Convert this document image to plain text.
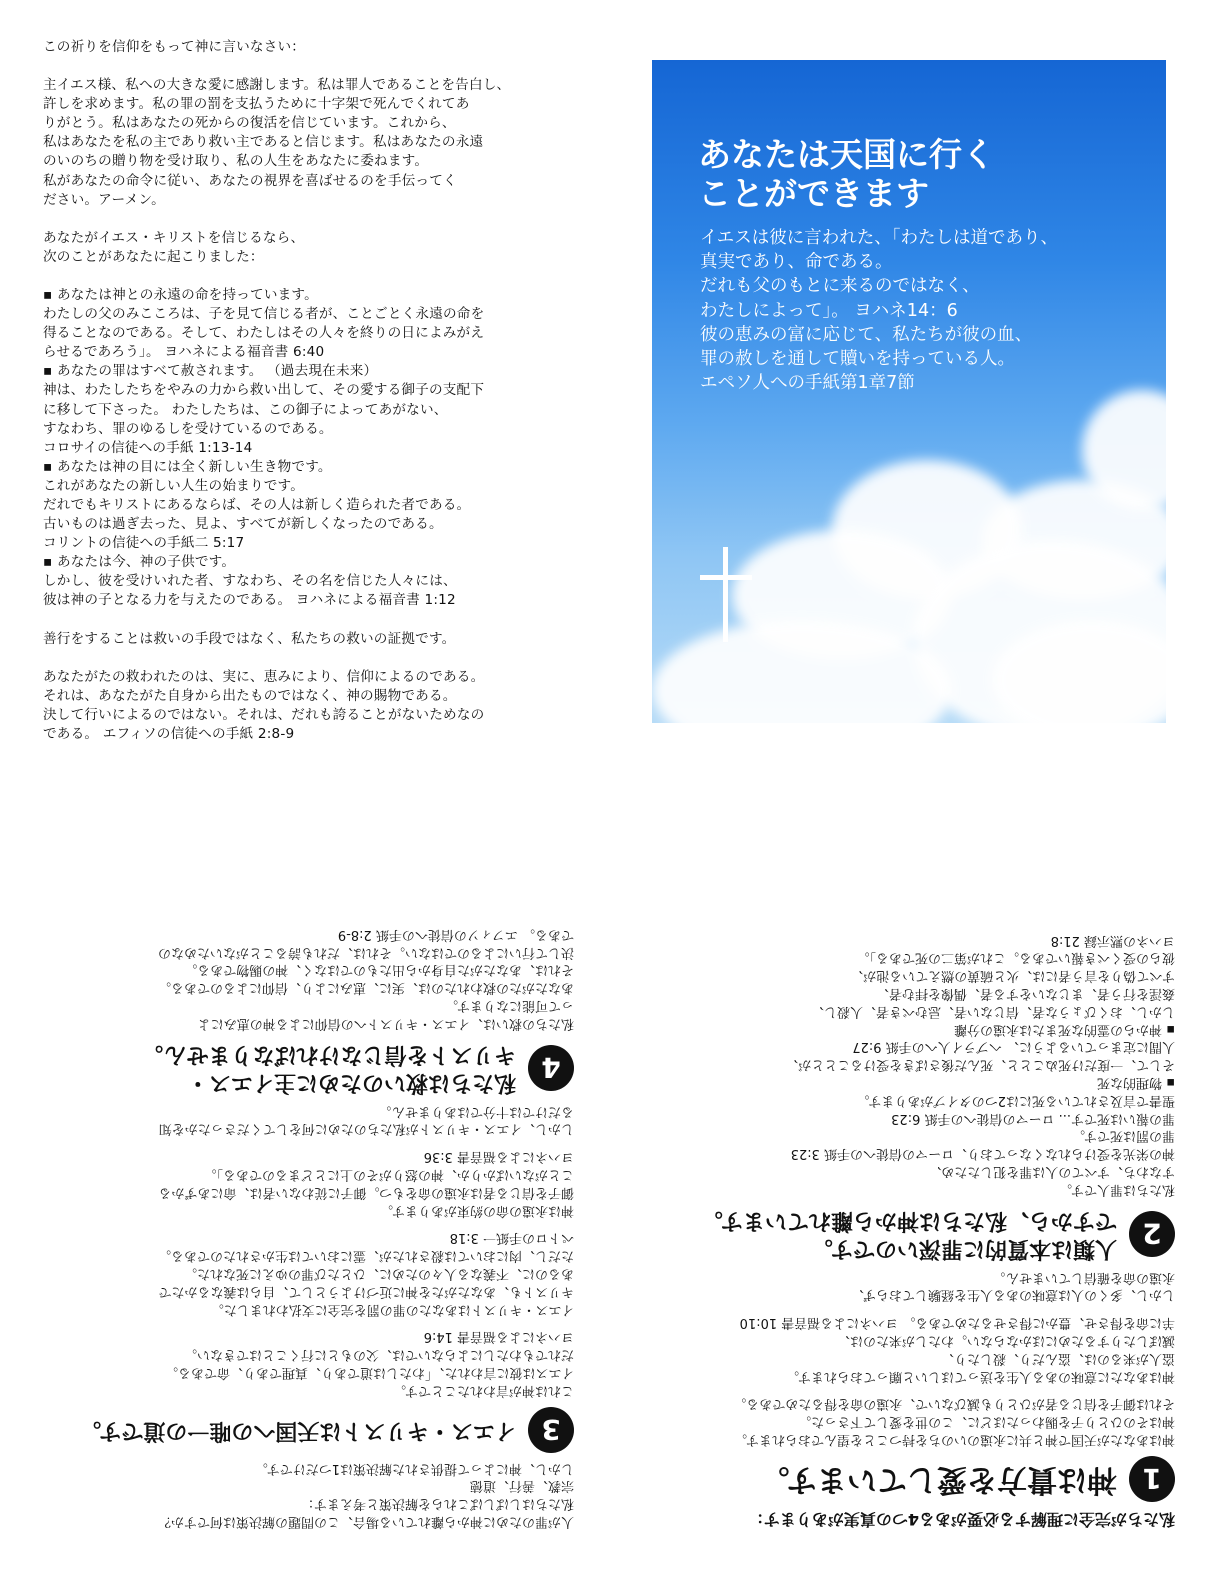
この祈りを信仰をもって神に言いなさい：

主イエス様、私への大きな愛に感謝します。私は罪人であることを告白し、

許しを求めます。私の罪の罰を支払うために十字架で死んでくれてあ

りがとう。私はあなたの死からの復活を信じています。これから、

私はあなたを私の主であり救い主であると信じます。私はあなたの永遠

のいのちの贈り物を受け取り、私の人生をあなたに委ねます。

私があなたの命令に従い、あなたの視界を喜ばせるのを手伝ってく

ださい。アーメン。

あなたがイエス・キリストを信じるなら、

次のことがあなたに起こりました：

▪ あなたは神との永遠の命を持っています。

わたしの父のみこころは、子を見て信じる者が、ことごとく永遠の命を

得ることなのである。そして、わたしはその人々を終りの日によみがえ

らせるであろう」。 ヨハネによる福音書 6:40

▪ あなたの罪はすべて赦されます。 （過去現在未来）

神は、わたしたちをやみの力から救い出して、その愛する御子の支配下

に移して下さった。 わたしたちは、この御子によってあがない、

すなわち、罪のゆるしを受けているのである。

コロサイの信徒への手紙 1:13-14

▪ あなたは神の目には全く新しい生き物です。

これがあなたの新しい人生の始まりです。

だれでもキリストにあるならば、その人は新しく造られた者である。

古いものは過ぎ去った、見よ、すべてが新しくなったのである。

コリントの信徒への手紙二 5:17

▪ あなたは今、神の子供です。

しかし、彼を受けいれた者、すなわち、その名を信じた人々には、

彼は神の子となる力を与えたのである。 ヨハネによる福音書 1:12

善行をすることは救いの手段ではなく、私たちの救いの証拠です。

あなたがたの救われたのは、実に、恵みにより、信仰によるのである。

それは、あなたがた自身から出たものではなく、神の賜物である。

決して行いによるのではない。それは、だれも誇ることがないためなの

である。 エフィソの信徒への手紙 2:8-9

あなたは天国に行く
ことができます
イエスは彼に言われた、「わたしは道であり、
真実であり、命である。
だれも父のもとに来るのではなく、
わたしによって」。 ヨハネ14：6
彼の恵みの富に応じて、私たちが彼の血、
罪の赦しを通して贖いを持っている人。
エペソ人への手紙第1章7節

私たちが完全に理解する必要がある4つの真実があります：

1
神は貴方を愛しています。

神はあなたが天国で神と共に永遠のいのちを持つことを望んでおられます。

神はそのひとり子を賜わったほどに、この世を愛して下さった。

それは御子を信じる者がひとりも滅びないで、永遠の命を得るためである。

神はあなたに意味のある人生を送ってほしいと願っておられます。

盗人が来るのは、盗んだり、殺したり、

滅ぼしたりするためにほかならない。わたしが来たのは、

羊に命を得させ、豊かに得させるためである。 ヨハネによる福音書 10:10

しかし、多くの人は意味のある人生を経験しておらず、

永遠の命を確信していません。

2
人類は本質的に罪深いのです。
ですから、私たちは神から離れています。

私たちは罪人です。

すなわち、すべての人は罪を犯したため、

神の栄光を受けられなくなっており、ローマの信徒への手紙 3:23

罪の罰は死です。

罪の報いは死です... ローマの信徒への手紙 6:23

聖書で言及されている死には2つのタイプがあります。

▪ 物理的な死

そして、一度だけ死ぬことと、死んだ後さばきを受けることとが、

人間に定まっているように、 ヘブライ人への手紙 9:27

▪ 神からの霊的な死または永遠の分離

しかし、おくびょうな者、信じない者、忌むべき者、人殺し、

姦淫を行う者、まじないをする者、偶像を拝む者、

すべて偽りを言う者には、火と硫黄の燃えている池が、

彼らの受くべき報いである。これが第二の死である」。

ヨハネの黙示録 21:8

人が罪のために神から離れている場合、この問題の解決策は何ですか？

私たちはしばしばこれらを解決策と考えます：

宗教、善行、道徳

しかし、神によって提供された解決策は1つだけです。

3
イエス・キリストは天国への唯一の道です。

これは神が言われたことです。

イエスは彼に言われた、「わたしは道であり、真理であり、命である。

だれでもわたしによらないでは、父のもとに行くことはできない。

ヨハネによる福音書 14:6

イエス・キリストはあなたの罪の罰を完全に支払われました。

キリストも、あなたがたを神に近づけようとして、自らは義なるかたで

あるのに、不義なる人々のために、ひとたび罪のゆえに死なれた。

ただし、肉においては殺されたが、霊においては生かされたのである。

ペトロの手紙一 3:18

神は永遠の命の約束があります。

御子を信じる者は永遠の命をもつ。御子に従わない者は、命にあずかる

ことがないばかりか、神の怒りがその上にとどまるのである」。

ヨハネによる福音書 3:36

しかし、イエス・キリストが私たちのために何をしてくださったかを知

るだけでは十分ではありません。

4
私たちは救いのために主イエス・
キリストを信じなければなりません。

私たちの救いは、イエス・キリストへの信仰による神の恵みによ

って可能になります。

あなたがたの救われたのは、実に、恵みにより、信仰によるのである。

それは、あなたがた自身から出たものではなく、神の賜物である。

決して行いによるのではない。それは、だれも誇ることがないためなの

である。 エフィソの信徒への手紙 2:8-9
